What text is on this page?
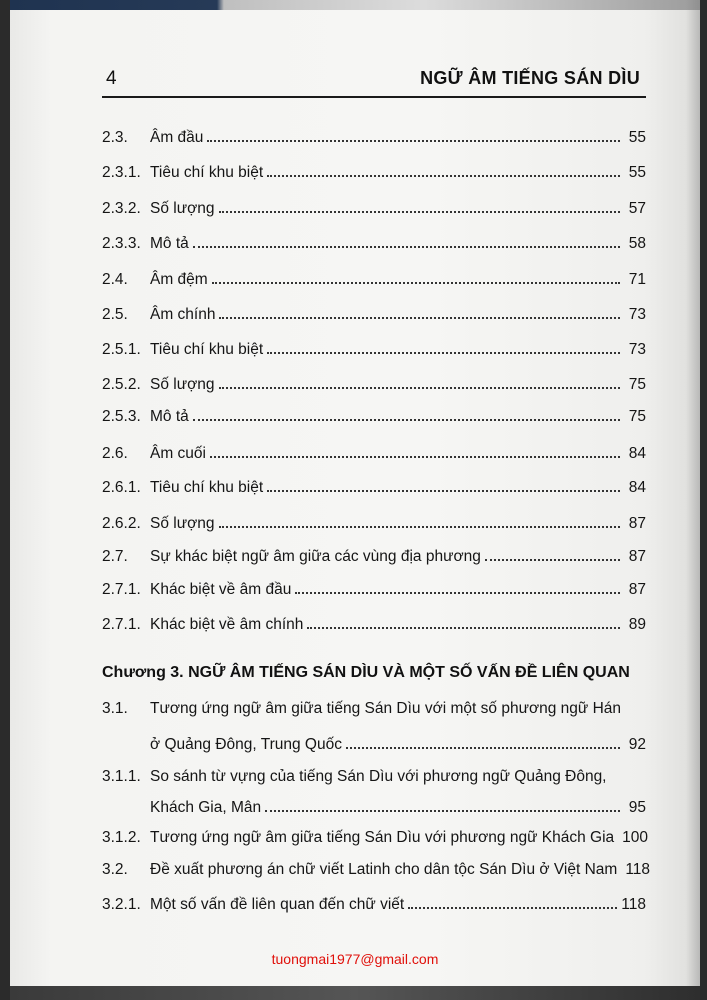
4	NGỮ ÂM TIẾNG SÁN DÌU
2.3.	Âm đầu	55
2.3.1. Tiêu chí khu biệt	55
2.3.2. Số lượng	57
2.3.3. Mô tả	58
2.4.	Âm đệm	71
2.5.	Âm chính	73
2.5.1. Tiêu chí khu biệt	73
2.5.2. Số lượng	75
2.5.3. Mô tả	75
2.6.	Âm cuối	84
2.6.1. Tiêu chí khu biệt	84
2.6.2. Số lượng	87
2.7.	Sự khác biệt ngữ âm giữa các vùng địa phương	87
2.7.1. Khác biệt về âm đầu	87
2.7.1. Khác biệt về âm chính	89
Chương 3. NGỮ ÂM TIẾNG SÁN DÌU VÀ MỘT SỐ VẤN ĐỀ LIÊN QUAN
3.1. Tương ứng ngữ âm giữa tiếng Sán Dìu với một số phương ngữ Hán
ở Quảng Đông, Trung Quốc	92
3.1.1. So sánh từ vựng của tiếng Sán Dìu với phương ngữ Quảng Đông,
Khách Gia, Mân	95
3.1.2. Tương ứng ngữ âm giữa tiếng Sán Dìu với phương ngữ Khách Gia 100
3.2.	Đề xuất phương án chữ viết Latinh cho dân tộc Sán Dìu ở Việt Nam 118
3.2.1. Một số vấn đề liên quan đến chữ viết	118
tuongmai1977@gmail.com
